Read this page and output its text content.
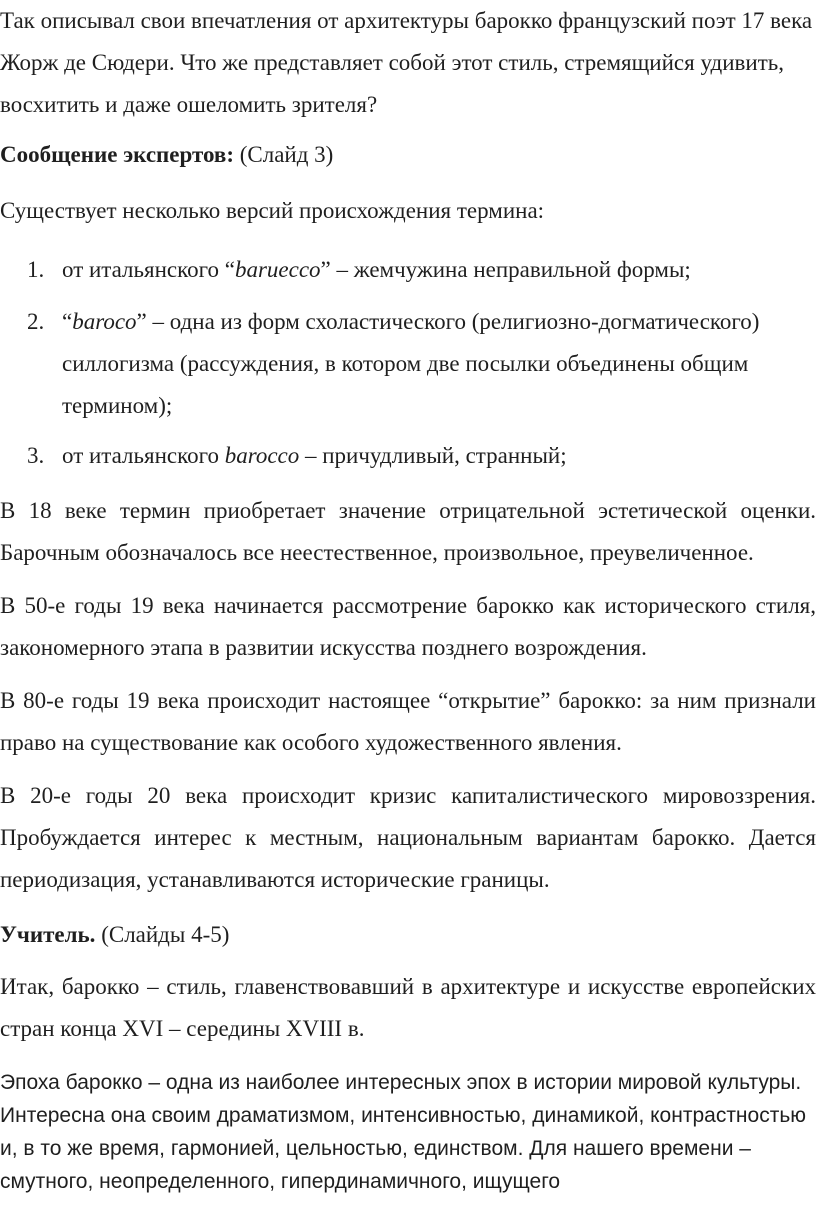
Так описывал свои впечатления от архитектуры барокко французский поэт 17 века Жорж де Сюдери. Что же представляет собой этот стиль, стремящийся удивить, восхитить и даже ошеломить зрителя?

Сообщение экспертов: (Слайд 3)

Существует несколько версий происхождения термина:

1. от итальянского “baruecco” – жемчужина неправильной формы;
2. “baroco” – одна из форм схоластического (религиозно-догматического) силлогизма (рассуждения, в котором две посылки объединены общим термином);
3. от итальянского barocco – причудливый, странный;

В 18 веке термин приобретает значение отрицательной эстетической оценки. Барочным обозначалось все неестественное, произвольное, преувеличенное.

В 50-е годы 19 века начинается рассмотрение барокко как исторического стиля, закономерного этапа в развитии искусства позднего возрождения.

В 80-е годы 19 века происходит настоящее “открытие” барокко: за ним признали право на существование как особого художественного явления.

В 20-е годы 20 века происходит кризис капиталистического мировоззрения. Пробуждается интерес к местным, национальным вариантам барокко. Дается периодизация, устанавливаются исторические границы.

Учитель. (Слайды 4-5)

Итак, барокко – стиль, главенствовавший в архитектуре и искусстве европейских стран конца XVI – середины XVIII в.

Эпоха барокко – одна из наиболее интересных эпох в истории мировой культуры. Интересна она своим драматизмом, интенсивностью, динамикой, контрастностью и, в то же время, гармонией, цельностью, единством. Для нашего времени – смутного, неопределенного, гипердинамичного, ищущего
